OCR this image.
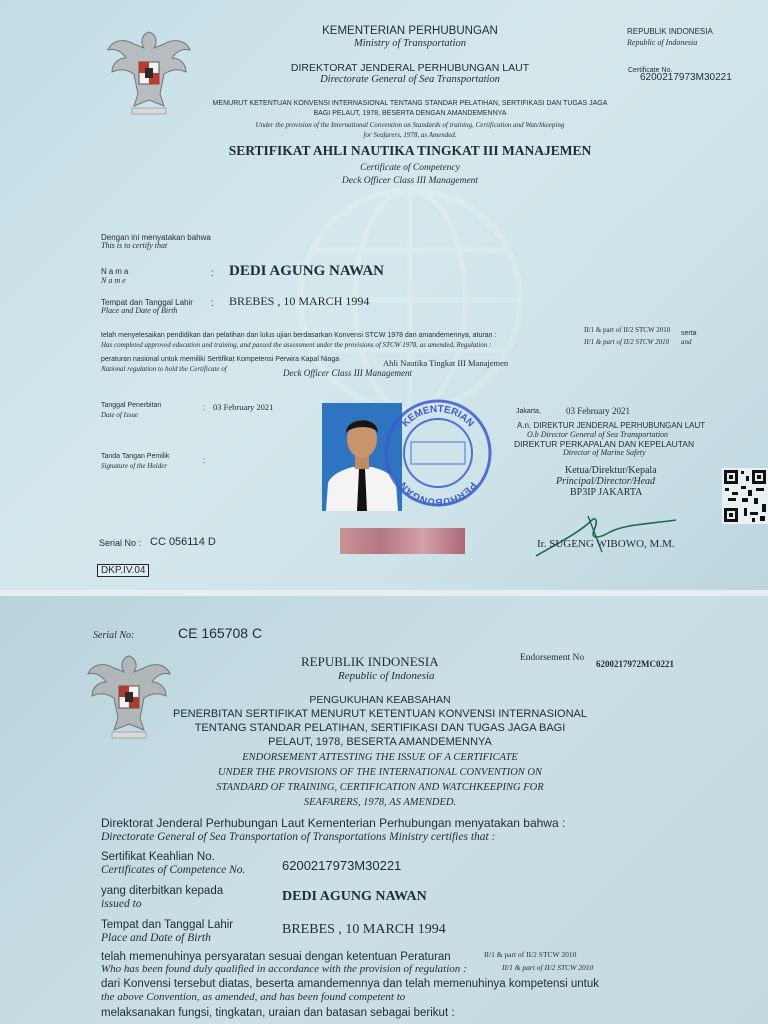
KEMENTERIAN PERHUBUNGAN
Ministry of Transportation
REPUBLIK INDONESIA
Republic of Indonesia
DIREKTORAT JENDERAL PERHUBUNGAN LAUT
Directorate General of Sea Transportation
Certificate No.
6200217973M30221
MENURUT KETENTUAN KONVENSI INTERNASIONAL TENTANG STANDAR PELATIHAN, SERTIFIKASI DAN TUGAS JAGA
BAGI PELAUT, 1978, BESERTA DENGAN AMANDEMENNYA
Under the provision of the International Convention on Standards of training, Certification and Watchkeeping
for Seafarers, 1978, as Amended.
SERTIFIKAT AHLI NAUTIKA TINGKAT III MANAJEMEN
Certificate of Competency
Deck Officer Class III Management
Dengan ini menyatakan bahwa
This is to certify that
Nama
Name
: DEDI AGUNG NAWAN
Tempat dan Tanggal Lahir
Place and Date of Birth
: BREBES , 10 MARCH 1994
telah menyelesaikan pendidikan dan pelatihan dan lulus ujian berdasarkan Konvensi STCW 1978 dan amandemennya, aturan :
Has completed approved education and training, and passed the assessment under the provisions of STCW 1978, as amended, Regulation :
II/1 & part of II/2 STCW 2010
II/1 & part of II/2 STCW 2010
serta
and
peraturan nasional untuk memiliki Sertifikat Kompetensi Perwira Kapal Niaga
National regulation to hold the Certificate of
Ahli Nautika Tingkat III Manajemen
Deck Officer Class III Management
Tanggal Penerbitan
Date of Issue
: 03 February 2021
Tanda Tangan Pemilik
Signature of the Holder
:
KEMENTERIAN
PERHUBUNGAN
Jakarta,	03 February 2021
A.n. DIREKTUR JENDERAL PERHUBUNGAN LAUT
O.b Director General of Sea Transportation
DIREKTUR PERKAPALAN DAN KEPELAUTAN
Director of Marine Safety
Ketua/Direktur/Kepala
Principal/Director/Head
BP3IP JAKARTA
Serial No : CC 056114 D	Ir. SUGENG WIBOWO, M.M.
DKP.IV.04
Serial No:	CE 165708 C
REPUBLIK INDONESIA
Republic of Indonesia
Endorsement No
6200217972MC0221
PENGUKUHAN KEABSAHAN
PENERBITAN SERTIFIKAT MENURUT KETENTUAN KONVENSI INTERNASIONAL
TENTANG STANDAR PELATIHAN, SERTIFIKASI DAN TUGAS JAGA BAGI
PELAUT, 1978, BESERTA AMANDEMENNYA
ENDORSEMENT ATTESTING THE ISSUE OF A CERTIFICATE
UNDER THE PROVISIONS OF THE INTERNATIONAL CONVENTION ON
STANDARD OF TRAINING, CERTIFICATION AND WATCHKEEPING FOR
SEAFARERS, 1978, AS AMENDED.
Direktorat Jenderal Perhubungan Laut Kementerian Perhubungan menyatakan bahwa :
Directorate General of Sea Transportation of Transportations Ministry certifies that :
Sertifikat Keahlian No.
Certificates of Competence No.	6200217973M30221
yang diterbitkan kepada
issued to	DEDI AGUNG NAWAN
Tempat dan Tanggal Lahir
Place and Date of Birth
BREBES , 10 MARCH 1994
telah memenuhinya persyaratan sesuai dengan ketentuan Peraturan
Who has been found duly qualified in accordance with the provision of regulation :
II/1 & part of II/2 STCW 2010
II/1 & part of II/2 STCW 2010
dari Konvensi tersebut diatas, beserta amandemennya dan telah memenuhinya kompetensi untuk
the above Convention, as amended, and has been found competent to
melaksanakan fungsi, tingkatan, uraian dan batasan sebagai berikut :
